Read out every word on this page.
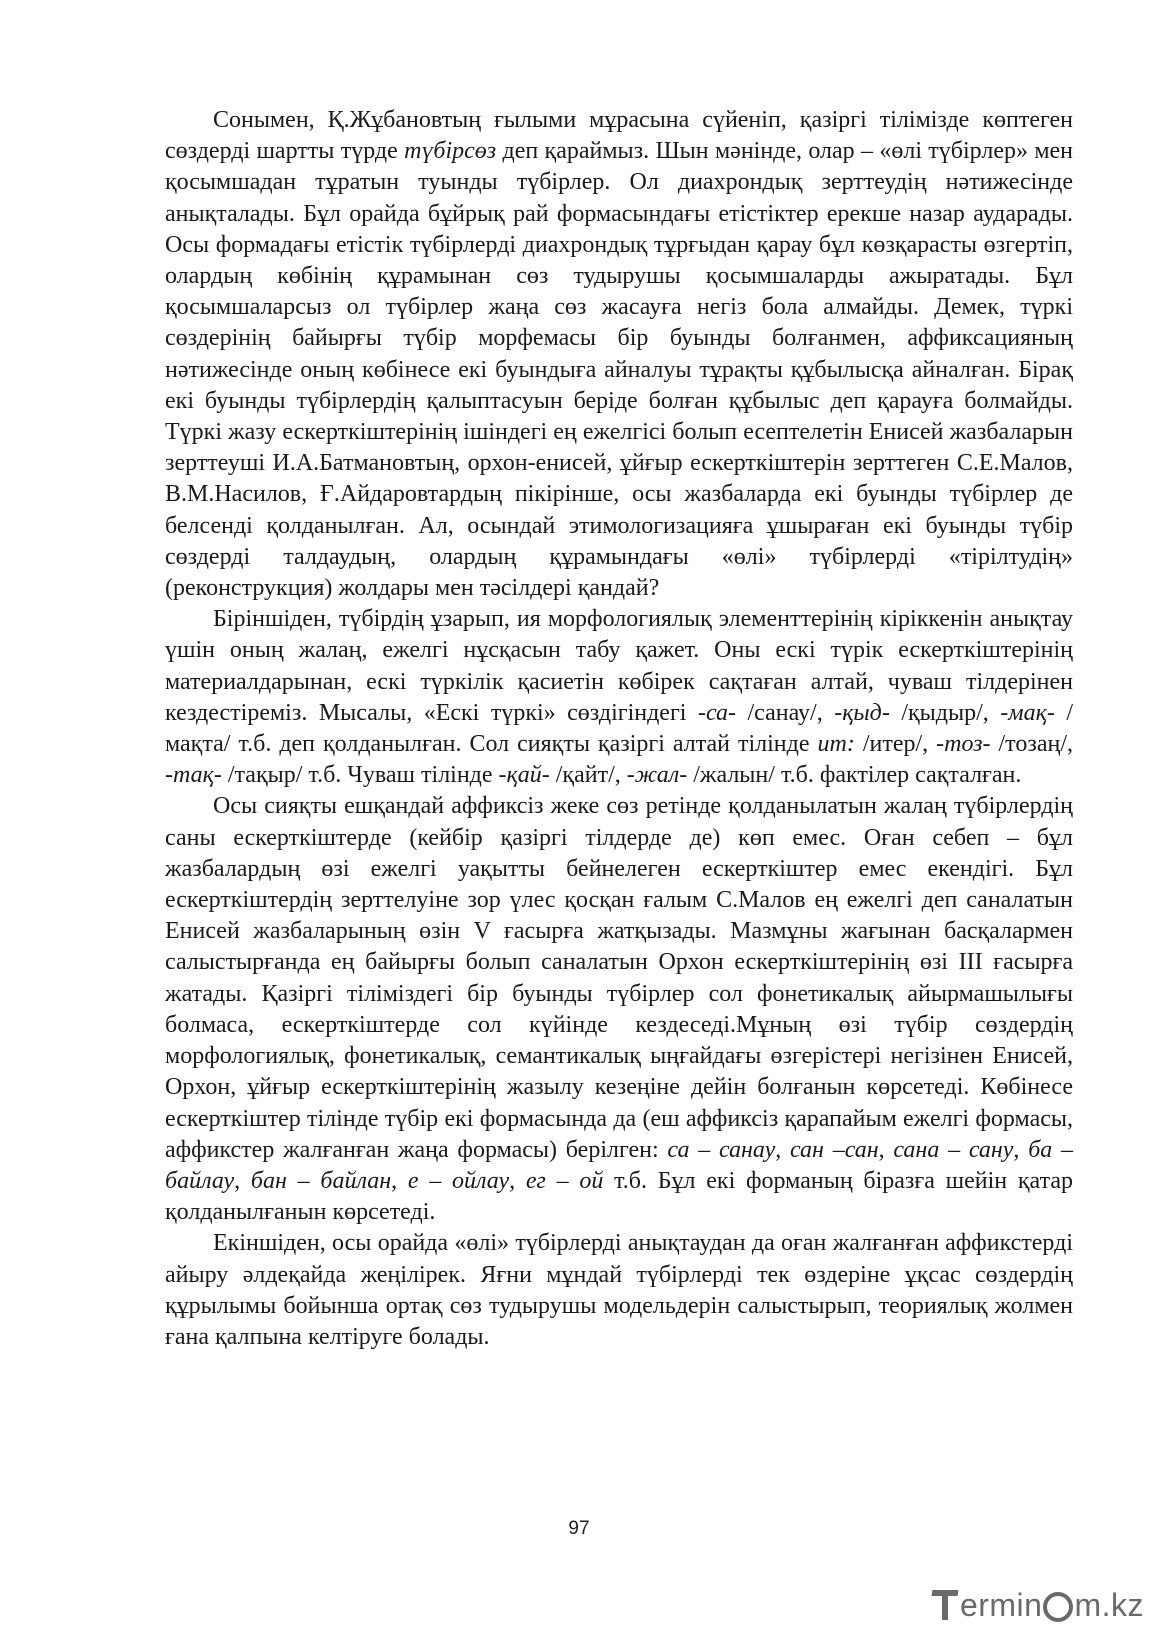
Сонымен, Қ.Жұбановтың ғылыми мұрасына сүйеніп, қазіргі тілімізде көптеген сөздерді шартты түрде түбірсөз деп қараймыз. Шын мәнінде, олар – «өлі түбірлер» мен қосымшадан тұратын туынды түбірлер. Ол диахрондық зерттеудің нәтижесінде анықталады. Бұл орайда бұйрық рай формасындағы етістіктер ерекше назар аударады. Осы формадағы етістік түбірлерді диахрондық тұрғыдан қарау бұл көзқарасты өзгертіп, олардың көбінің құрамынан сөз тудырушы қосымшаларды ажыратады. Бұл қосымшаларсыз ол түбірлер жаңа сөз жасауға негіз бола алмайды. Демек, түркі сөздерінің байырғы түбір морфемасы бір буынды болғанмен, аффиксацияның нәтижесінде оның көбінесе екі буындыға айналуы тұрақты құбылысқа айналған. Бірақ екі буынды түбірлердің қалыптасуын беріде болған құбылыс деп қарауға болмайды. Түркі жазу ескерткіштерінің ішіндегі ең ежелгісі болып есептелетін Енисей жазбаларын зерттеуші И.А.Батмановтың, орхон-енисей, ұйғыр ескерткіштерін зерттеген С.Е.Малов, В.М.Насилов, Ғ.Айдаровтардың пікірінше, осы жазбаларда екі буынды түбірлер де белсенді қолданылған. Ал, осындай этимологизацияға ұшыраған екі буынды түбір сөздерді талдаудың, олардың құрамындағы «өлі» түбірлерді «тірілтудің» (реконструкция) жолдары мен тәсілдері қандай?

Біріншіден, түбірдің ұзарып, ия морфологиялық элементтерінің кіріккенін анықтау үшін оның жалаң, ежелгі нұсқасын табу қажет. Оны ескі түрік ескерткіштерінің материалдарынан, ескі түркілік қасиетін көбірек сақтаған алтай, чуваш тілдерінен кездестіреміз. Мысалы, «Ескі түркі» сөздігіндегі -са- /санау/, -қыд- /қыдыр/, -мақ- /мақта/ т.б. деп қолданылған. Сол сияқты қазіргі алтай тілінде ит: /итер/, -тоз- /тозаң/, -тақ- /тақыр/ т.б. Чуваш тілінде -қай- /қайт/, -жал- /жалын/ т.б. фактілер сақталған.

Осы сияқты ешқандай аффиксіз жеке сөз ретінде қолданылатын жалаң түбірлердің саны ескерткіштерде (кейбір қазіргі тілдерде де) көп емес. Оған себеп – бұл жазбалардың өзі ежелгі уақытты бейнелеген ескерткіштер емес екендігі. Бұл ескерткіштердің зерттелуіне зор үлес қосқан ғалым С.Малов ең ежелгі деп саналатын Енисей жазбаларының өзін V ғасырға жатқызады. Мазмұны жағынан басқалармен салыстырғанда ең байырғы болып саналатын Орхон ескерткіштерінің өзі ІІІ ғасырға жатады. Қазіргі тіліміздегі бір буынды түбірлер сол фонетикалық айырмашылығы болмаса, ескерткіштерде сол күйінде кездеседі.Мұның өзі түбір сөздердің морфологиялық, фонетикалық, семантикалық ыңғайдағы өзгерістері негізінен Енисей, Орхон, ұйғыр ескерткіштерінің жазылу кезеңіне дейін болғанын көрсетеді. Көбінесе ескерткіштер тілінде түбір екі формасында да (еш аффиксіз қарапайым ежелгі формасы, аффикстер жалғанған жаңа формасы) берілген: са – санау, сан –сан, сана – сану, ба – байлау, бан – байлан, е – ойлау, ег – ой т.б. Бұл екі форманың біразға шейін қатар қолданылғанын көрсетеді.

Екіншіден, осы орайда «өлі» түбірлерді анықтаудан да оған жалғанған аффикстерді айыру әлдеқайда жеңілірек. Яғни мұндай түбірлерді тек өздеріне ұқсас сөздердің құрылымы бойынша ортақ сөз тудырушы модельдерін салыстырып, теориялық жолмен ғана қалпына келтіруге болады.

97
ermin m.kz
